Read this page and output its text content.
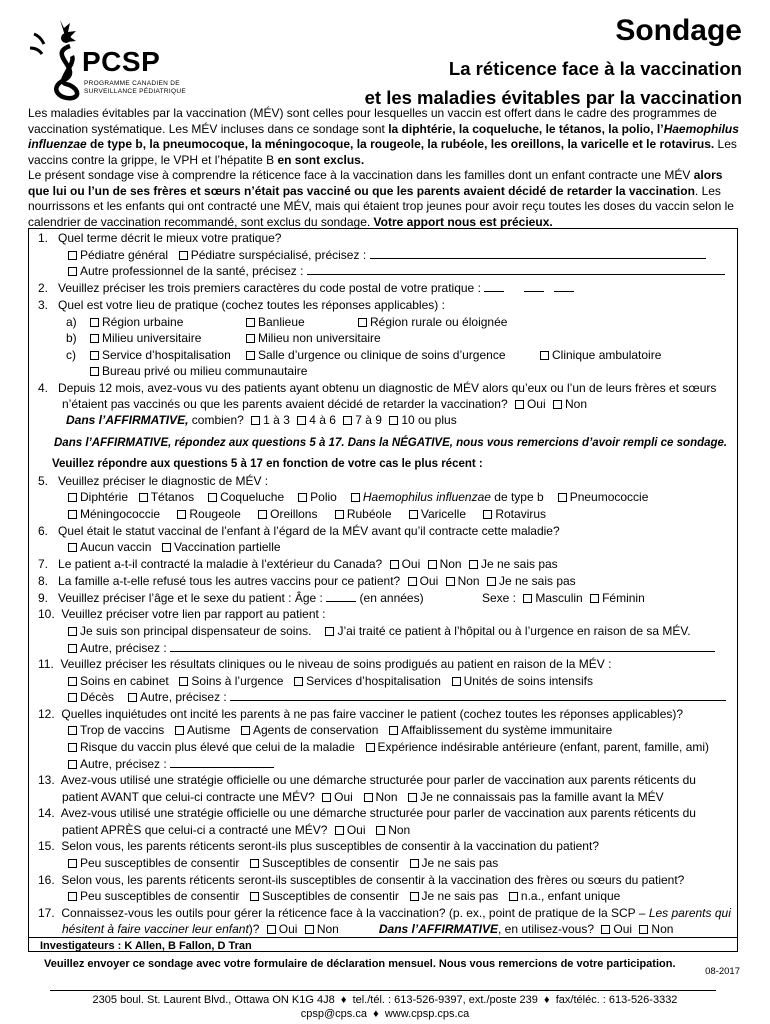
PCSP
PROGRAMME CANADIEN DE
SURVEILLANCE PÉDIATRIQUE
Sondage
La réticence face à la vaccination
et les maladies évitables par la vaccination
Les maladies évitables par la vaccination (MÉV) sont celles pour lesquelles un vaccin est offert dans le cadre des programmes de vaccination systématique. Les MÉV incluses dans ce sondage sont la diphtérie, la coqueluche, le tétanos, la polio, l’Haemophilus influenzae de type b, la pneumocoque, la méningocoque, la rougeole, la rubéole, les oreillons, la varicelle et le rotavirus. Les vaccins contre la grippe, le VPH et l’hépatite B en sont exclus.
Le présent sondage vise à comprendre la réticence face à la vaccination dans les familles dont un enfant contracte une MÉV alors que lui ou l’un de ses frères et sœurs n’était pas vacciné ou que les parents avaient décidé de retarder la vaccination. Les nourrissons et les enfants qui ont contracté une MÉV, mais qui étaient trop jeunes pour avoir reçu toutes les doses du vaccin selon le calendrier de vaccination recommandé, sont exclus du sondage. Votre apport nous est précieux.
1. Quel terme décrit le mieux votre pratique?
Pédiatre général Pédiatre surspécialisé, précisez :
Autre professionnel de la santé, précisez :
2. Veuillez préciser les trois premiers caractères du code postal de votre pratique :
3. Quel est votre lieu de pratique (cochez toutes les réponses applicables) :
a)	Région urbaine	Banlieue	Région rurale ou éloignée
b)	Milieu universitaire	Milieu non universitaire
c)	Service d’hospitalisation	Salle d’urgence ou clinique de soins d’urgence	Clinique ambulatoire
Bureau privé ou milieu communautaire
4. Depuis 12 mois, avez-vous vu des patients ayant obtenu un diagnostic de MÉV alors qu’eux ou l’un de leurs frères et sœurs
n’étaient pas vaccinés ou que les parents avaient décidé de retarder la vaccination? Oui Non
Dans l’AFFIRMATIVE, combien? 1 à 3 4 à 6 7 à 9 10 ou plus
Dans l’AFFIRMATIVE, répondez aux questions 5 à 17. Dans la NÉGATIVE, nous vous remercions d’avoir rempli ce sondage.
Veuillez répondre aux questions 5 à 17 en fonction de votre cas le plus récent :
5. Veuillez préciser le diagnostic de MÉV :
Diphtérie Tétanos Coqueluche Polio Haemophilus influenzae de type b Pneumococcie
Méningococcie Rougeole Oreillons Rubéole Varicelle Rotavirus
6. Quel était le statut vaccinal de l’enfant à l’égard de la MÉV avant qu’il contracte cette maladie?
Aucun vaccin Vaccination partielle
7. Le patient a-t-il contracté la maladie à l’extérieur du Canada? Oui Non Je ne sais pas
8. La famille a-t-elle refusé tous les autres vaccins pour ce patient? Oui Non Je ne sais pas
9. Veuillez préciser l’âge et le sexe du patient : Âge :	(en années)	Sexe : Masculin Féminin
10. Veuillez préciser votre lien par rapport au patient :
Je suis son principal dispensateur de soins. J’ai traité ce patient à l’hôpital ou à l’urgence en raison de sa MÉV.
Autre, précisez :
11. Veuillez préciser les résultats cliniques ou le niveau de soins prodigués au patient en raison de la MÉV :
Soins en cabinet Soins à l’urgence Services d’hospitalisation Unités de soins intensifs
Décès Autre, précisez :
12. Quelles inquiétudes ont incité les parents à ne pas faire vacciner le patient (cochez toutes les réponses applicables)?
Trop de vaccins Autisme Agents de conservation Affaiblissement du système immunitaire
Risque du vaccin plus élevé que celui de la maladie Expérience indésirable antérieure (enfant, parent, famille, ami)
Autre, précisez :
13. Avez-vous utilisé une stratégie officielle ou une démarche structurée pour parler de vaccination aux parents réticents du
patient AVANT que celui-ci contracte une MÉV? Oui Non Je ne connaissais pas la famille avant la MÉV
14. Avez-vous utilisé une stratégie officielle ou une démarche structurée pour parler de vaccination aux parents réticents du
patient APRÈS que celui-ci a contracté une MÉV? Oui Non
15. Selon vous, les parents réticents seront-ils plus susceptibles de consentir à la vaccination du patient?
Peu susceptibles de consentir Susceptibles de consentir Je ne sais pas
16. Selon vous, les parents réticents seront-ils susceptibles de consentir à la vaccination des frères ou sœurs du patient?
Peu susceptibles de consentir Susceptibles de consentir Je ne sais pas n.a., enfant unique
17. Connaissez-vous les outils pour gérer la réticence face à la vaccination? (p. ex., point de pratique de la SCP – Les parents qui
hésitent à faire vacciner leur enfant)? Oui Non	Dans l’AFFIRMATIVE, en utilisez-vous? Oui Non
Investigateurs : K Allen, B Fallon, D Tran
Veuillez envoyer ce sondage avec votre formulaire de déclaration mensuel. Nous vous remercions de votre participation.
08-2017
2305 boul. St. Laurent Blvd., Ottawa ON K1G 4J8 ♦ tel./tél. : 613-526-9397, ext./poste 239 ♦ fax/téléc. : 613-526-3332
cpsp@cps.ca ♦ www.cpsp.cps.ca
